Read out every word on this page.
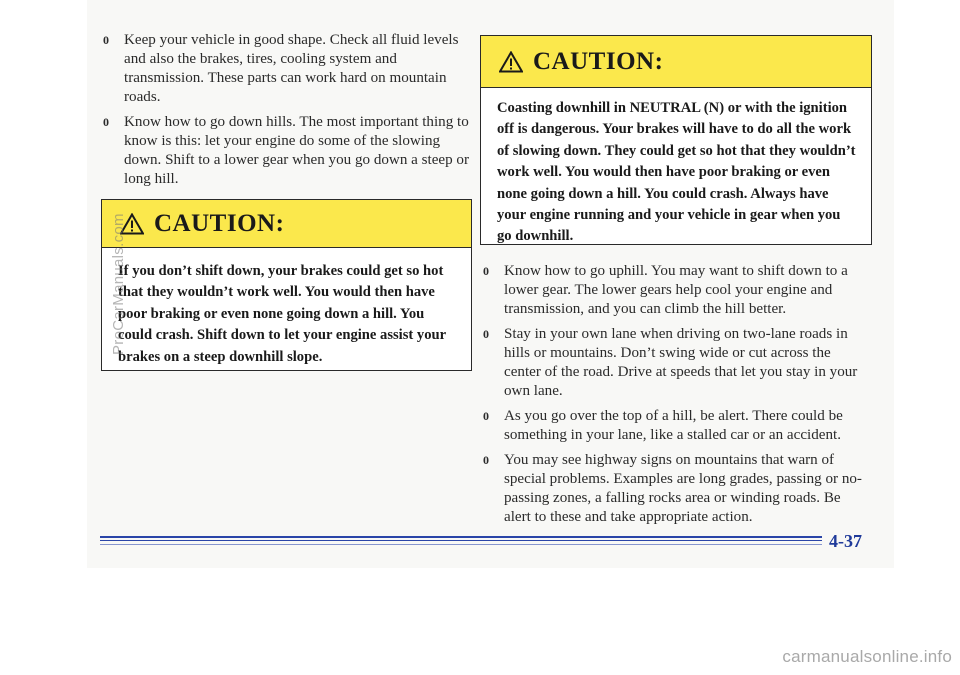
0 Keep your vehicle in good shape. Check all fluid levels and also the brakes, tires, cooling system and transmission. These parts can work hard on mountain roads.
0 Know how to go down hills. The most important thing to know is this: let your engine do some of the slowing down. Shift to a lower gear when you go down a steep or long hill.
CAUTION:
If you don’t shift down, your brakes could get so hot that they wouldn’t work well. You would then have poor braking or even none going down a hill. You could crash. Shift down to let your engine assist your brakes on a steep downhill slope.
CAUTION:
Coasting downhill in NEUTRAL (N) or with the ignition off is dangerous. Your brakes will have to do all the work of slowing down. They could get so hot that they wouldn’t work well. You would then have poor braking or even none going down a hill. You could crash. Always have your engine running and your vehicle in gear when you go downhill.
0 Know how to go uphill. You may want to shift down to a lower gear. The lower gears help cool your engine and transmission, and you can climb the hill better.
0 Stay in your own lane when driving on two-lane roads in hills or mountains. Don’t swing wide or cut across the center of the road. Drive at speeds that let you stay in your own lane.
0 As you go over the top of a hill, be alert. There could be something in your lane, like a stalled car or an accident.
0 You may see highway signs on mountains that warn of special problems. Examples are long grades, passing or no-passing zones, a falling rocks area or winding roads. Be alert to these and take appropriate action.
4-37
ProCarManuals.com
carmanualsonline.info
